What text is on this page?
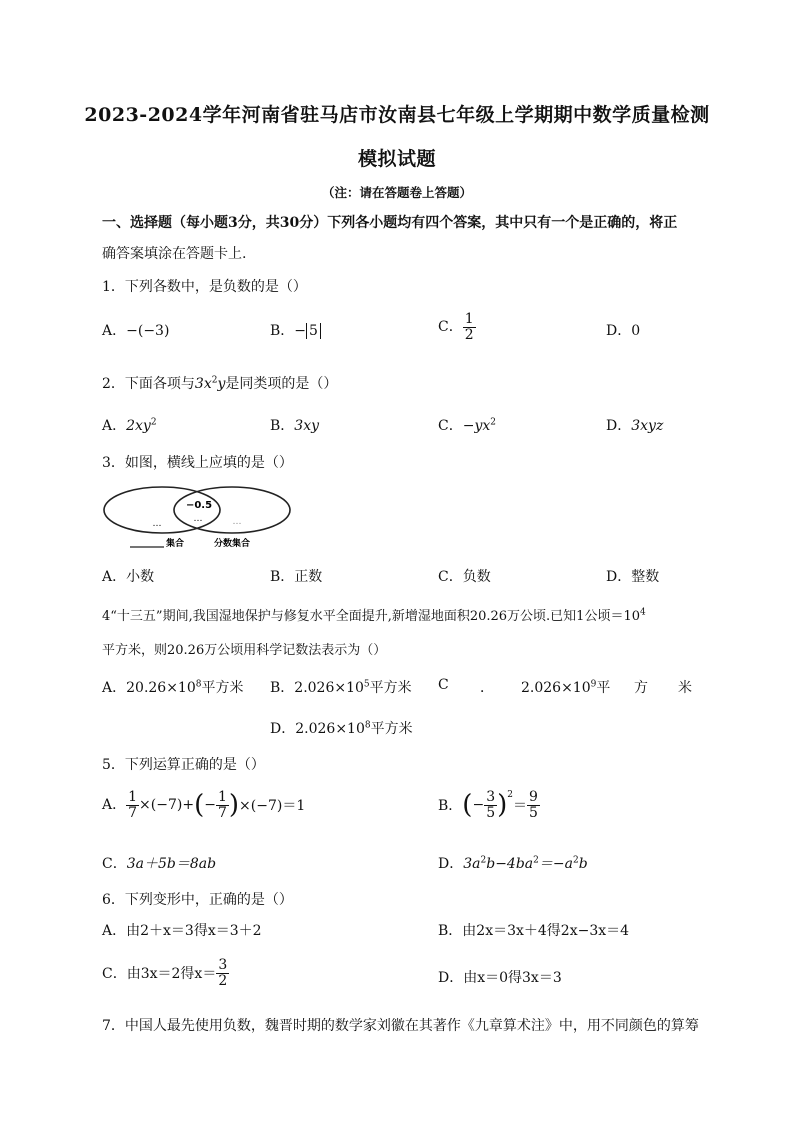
2023-2024学年河南省驻马店市汝南县七年级上学期期中数学质量检测
模拟试题
（注：请在答题卷上答题）
一、选择题（每小题3分，共30分）下列各小题均有四个答案，其中只有一个是正确的，将正
确答案填涂在答题卡上.
1．下列各数中，是负数的是（）
A．−(−3)	B．− 5	C． $\frac{1}{2}$	D．0
2．下面各项与$3x^2y$是同类项的是（）
A．$2xy^2$	B．3xy	C．$-yx^2$	D．3xyz
3．如图，横线上应填的是（）
−0.5
…
…	…
集合	分数集合
A．小数	B．正数	C．负数	D．整数
4“十三五”期间,我国湿地保护与修复水平全面提升,新增湿地面积20.26万公顷.已知1公顷$=10^4$
平方米，则20.26万公顷用科学记数法表示为（）
A．$20.26\times 10^8$平方米 B．$2.026\times 10^5$平方米 C ． $2.026\times 10^9$平 方 米
D．$2.026\times 10^8$平方米
5．下列运算正确的是（）
A． $\frac{1}{7} \times(-7)+(- \frac{1}{7} )\times(-7)=1$	B．(− $\frac{3}{5} )^2= \frac{9}{5}$
C．3a＋5b＝8ab	D．$3a^2b-4ba^2=-a^2b$
6．下列变形中，正确的是（）
A．由2＋x＝3得x＝3＋2	B．由2x＝3x＋4得2x−3x＝4
C．由3x＝2得$x= \frac{3}{2}$	D．由x＝0得3x＝3
7．中国人最先使用负数，魏晋时期的数学家刘徽在其著作《九章算术注》中，用不同颜色的算筹
